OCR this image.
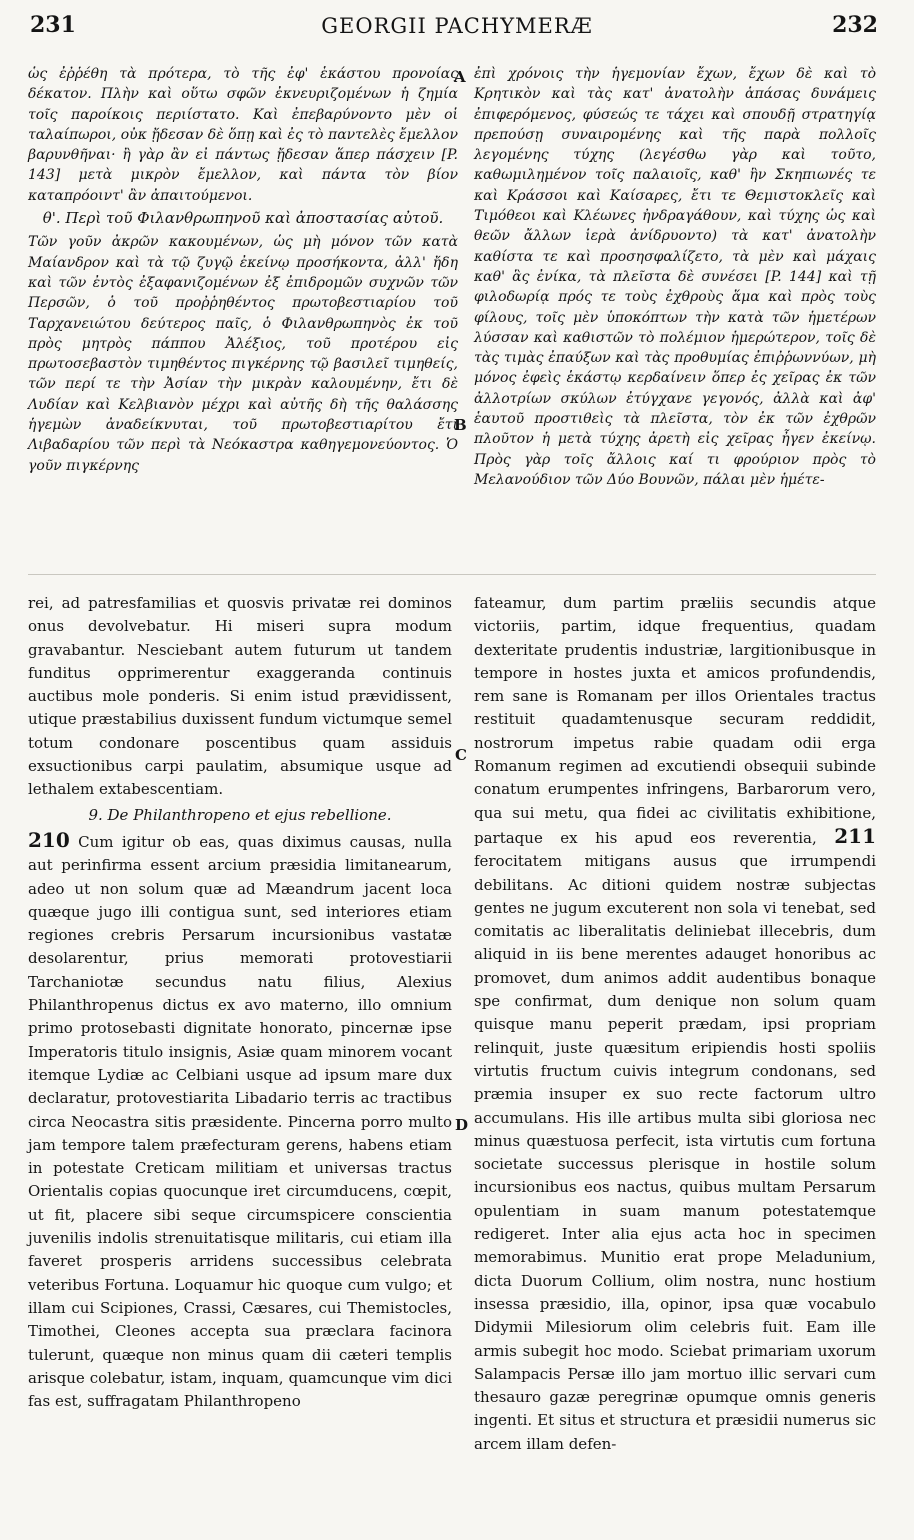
231	GEORGII PACHYMERÆ	232

ὡς ἐῤῥέθη τὰ πρότερα, τὸ τῆς ἐφ' ἑκάστου προνοίας δέκατον. Πλὴν καὶ οὕτω σφῶν ἐκνευριζομένων ἡ ζημία τοῖς παροίκοις περιίστατο. Καὶ ἐπεβαρύνοντο μὲν οἱ ταλαίπωροι, οὐκ ᾔδεσαν δὲ ὅπῃ καὶ ἐς τὸ παντελὲς ἔμελλον βαρυνθῆναι· ἢ γὰρ ἂν εἰ πάντως ᾔδεσαν ἅπερ πάσχειν [P. 143] μετὰ μικρὸν ἔμελλον, καὶ πάντα τὸν βίον καταπρόοιντ' ἂν ἀπαιτούμενοι.

θ'. Περὶ τοῦ Φιλανθρωπηνοῦ καὶ ἀποστασίας αὐτοῦ.

Τῶν γοῦν ἀκρῶν κακουμένων, ὡς μὴ μόνον τῶν κατὰ Μαίανδρον καὶ τὰ τῷ ζυγῷ ἐκείνῳ προσήκοντα, ἀλλ' ἤδη καὶ τῶν ἐντὸς ἐξαφανιζομένων ἐξ ἐπιδρομῶν συχνῶν τῶν Περσῶν, ὁ τοῦ προῤῥηθέντος πρωτοβεστιαρίου τοῦ Ταρχανειώτου δεύτερος παῖς, ὁ Φιλανθρωπηνὸς ἐκ τοῦ πρὸς μητρὸς πάππου Ἀλέξιος, τοῦ προτέρου εἰς πρωτοσεβαστὸν τιμηθέντος πιγκέρνης τῷ βασιλεῖ τιμηθείς, τῶν περί τε τὴν Ἀσίαν τὴν μικρὰν καλουμένην, ἔτι δὲ Λυδίαν καὶ Κελβιανὸν μέχρι καὶ αὐτῆς δὴ τῆς θαλάσσης ἡγεμὼν ἀναδείκνυται, τοῦ πρωτοβεστιαρίτου ἔτι Λιβαδαρίου τῶν περὶ τὰ Νεόκαστρα καθηγεμονεύοντος. Ὁ γοῦν πιγκέρνης

ἐπὶ χρόνοις τὴν ἡγεμονίαν ἔχων, ἔχων δὲ καὶ τὸ Κρητικὸν καὶ τὰς κατ' ἀνατολὴν ἁπάσας δυνάμεις ἐπιφερόμενος, φύσεώς τε τάχει καὶ σπουδῇ στρατηγίᾳ πρεπούσῃ συναιρομένης καὶ τῆς παρὰ πολλοῖς λεγομένης τύχης (λεγέσθω γὰρ καὶ τοῦτο, καθωμιλημένον τοῖς παλαιοῖς, καθ' ἣν Σκηπιωνές τε καὶ Κράσσοι καὶ Καίσαρες, ἔτι τε Θεμιστοκλεῖς καὶ Τιμόθεοι καὶ Κλέωνες ἠνδραγάθουν, καὶ τύχης ὡς καὶ θεῶν ἄλλων ἱερὰ ἀνίδρυοντο) τὰ κατ' ἀνατολὴν καθίστα τε καὶ προσησφαλίζετο, τὰ μὲν καὶ μάχαις καθ' ἃς ἐνίκα, τὰ πλεῖστα δὲ συνέσει [P. 144] καὶ τῇ φιλοδωρίᾳ πρός τε τοὺς ἐχθροὺς ἅμα καὶ πρὸς τοὺς φίλους, τοῖς μὲν ὑποκόπτων τὴν κατὰ τῶν ἡμετέρων λύσσαν καὶ καθιστῶν τὸ πολέμιον ἡμερώτερον, τοῖς δὲ τὰς τιμὰς ἐπαύξων καὶ τὰς προθυμίας ἐπιῤῥωννύων, μὴ μόνος ἐφεὶς ἑκάστῳ κερδαίνειν ὅπερ ἐς χεῖρας ἐκ τῶν ἀλλοτρίων σκύλων ἐτύγχανε γεγονός, ἀλλὰ καὶ ἀφ' ἑαυτοῦ προστιθεὶς τὰ πλεῖστα, τὸν ἐκ τῶν ἐχθρῶν πλοῦτον ἡ μετὰ τύχης ἀρετὴ εἰς χεῖρας ἦγεν ἐκείνῳ. Πρὸς γὰρ τοῖς ἄλλοις καί τι φρούριον πρὸς τὸ Μελανούδιον τῶν Δύο Βουνῶν, πάλαι μὲν ἡμέτε-

A
B
C
D

rei, ad patresfamilias et quosvis privatæ rei dominos onus devolvebatur. Hi miseri supra modum gravabantur. Nesciebant autem futurum ut tandem funditus opprimerentur exaggeranda continuis auctibus mole ponderis. Si enim istud prævidissent, utique præstabilius duxissent fundum victumque semel totum condonare poscentibus quam assiduis exsuctionibus carpi paulatim, absumique usque ad lethalem extabescentiam.

9. De Philanthropeno et ejus rebellione.

210 Cum igitur ob eas, quas diximus causas, nulla aut perinfirma essent arcium præsidia limitanearum, adeo ut non solum quæ ad Mæandrum jacent loca quæque jugo illi contigua sunt, sed interiores etiam regiones crebris Persarum incursionibus vastatæ desolarentur, prius memorati protovestiarii Tarchaniotæ secundus natu filius, Alexius Philanthropenus dictus ex avo materno, illo omnium primo protosebasti dignitate honorato, pincernæ ipse Imperatoris titulo insignis, Asiæ quam minorem vocant itemque Lydiæ ac Celbiani usque ad ipsum mare dux declaratur, protovestiarita Libadario terris ac tractibus circa Neocastra sitis præsidente. Pincerna porro multo jam tempore talem præfecturam gerens, habens etiam in potestate Creticam militiam et universas tractus Orientalis copias quocunque iret circumducens, cœpit, ut fit, placere sibi seque circumspicere conscientia juvenilis indolis strenuitatisque militaris, cui etiam illa faveret prosperis arridens successibus celebrata veteribus Fortuna. Loquamur hic quoque cum vulgo; et illam cui Scipiones, Crassi, Cæsares, cui Themistocles, Timothei, Cleones accepta sua præclara facinora tulerunt, quæque non minus quam dii cæteri templis arisque colebatur, istam, inquam, quamcunque vim dici fas est, suffragatam Philanthropeno

fateamur, dum partim præliis secundis atque victoriis, partim, idque frequentius, quadam dexteritate prudentis industriæ, largitionibusque in tempore in hostes juxta et amicos profundendis, rem sane is Romanam per illos Orientales tractus restituit quadamtenusque securam reddidit, nostrorum impetus rabie quadam odii erga Romanum regimen ad excutiendi obsequii subinde conatum erumpentes infringens, Barbarorum vero, qua sui metu, qua fidei ac civilitatis exhibitione, partaque ex his apud eos reverentia, 211 ferocitatem mitigans ausus que irrumpendi debilitans. Ac ditioni quidem nostræ subjectas gentes ne jugum excuterent non sola vi tenebat, sed comitatis ac liberalitatis deliniebat illecebris, dum aliquid in iis bene merentes adauget honoribus ac promovet, dum animos addit audentibus bonaque spe confirmat, dum denique non solum quam quisque manu peperit prædam, ipsi propriam relinquit, juste quæsitum eripiendis hosti spoliis virtutis fructum cuivis integrum condonans, sed præmia insuper ex suo recte factorum ultro accumulans. His ille artibus multa sibi gloriosa nec minus quæstuosa perfecit, ista virtutis cum fortuna societate successus plerisque in hostile solum incursionibus eos nactus, quibus multam Persarum opulentiam in suam manum potestatemque redigeret. Inter alia ejus acta hoc in specimen memorabimus. Munitio erat prope Meladunium, dicta Duorum Collium, olim nostra, nunc hostium insessa præsidio, illa, opinor, ipsa quæ vocabulo Didymii Milesiorum olim celebris fuit. Eam ille armis subegit hoc modo. Sciebat primariam uxorum Salampacis Persæ illo jam mortuo illic servari cum thesauro gazæ peregrinæ opumque omnis generis ingenti. Et situs et structura et præsidii numerus sic arcem illam defen-
